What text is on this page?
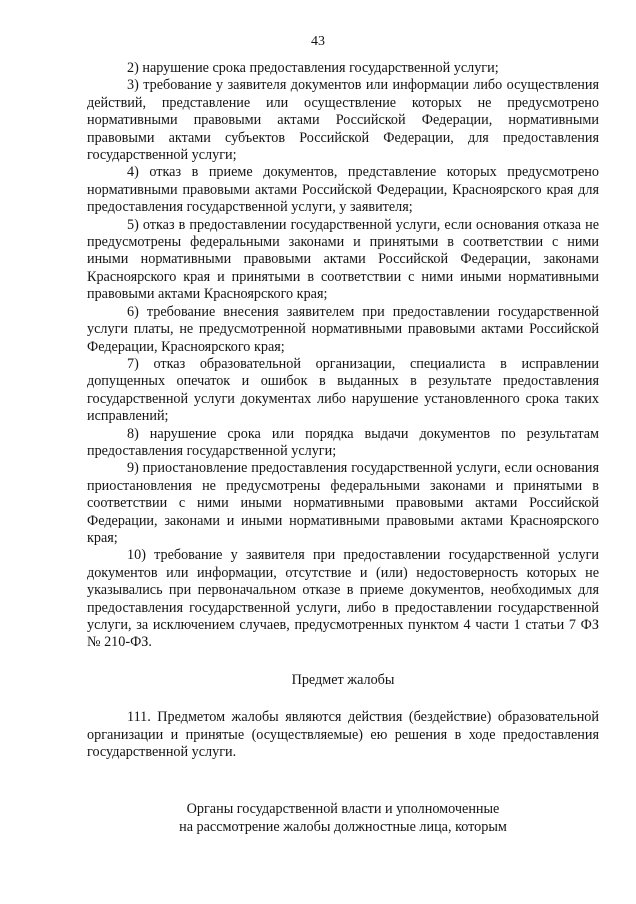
43

2) нарушение срока предоставления государственной услуги;

3) требование у заявителя документов или информации либо осуществления действий, представление или осуществление которых не предусмотрено нормативными правовыми актами Российской Федерации, нормативными правовыми актами субъектов Российской Федерации, для предоставления государственной услуги;

4) отказ в приеме документов, представление которых предусмотрено нормативными правовыми актами Российской Федерации, Красноярского края для предоставления государственной услуги, у заявителя;

5) отказ в предоставлении государственной услуги, если основания отказа не предусмотрены федеральными законами и принятыми в соответствии с ними иными нормативными правовыми актами Российской Федерации, законами Красноярского края и принятыми в соответствии с ними иными нормативными правовыми актами Красноярского края;

6) требование внесения заявителем при предоставлении государственной услуги платы, не предусмотренной нормативными правовыми актами Российской Федерации, Красноярского края;

7) отказ образовательной организации, специалиста в исправлении допущенных опечаток и ошибок в выданных в результате предоставления государственной услуги документах либо нарушение установленного срока таких исправлений;

8) нарушение срока или порядка выдачи документов по результатам предоставления государственной услуги;

9) приостановление предоставления государственной услуги, если основания приостановления не предусмотрены федеральными законами и принятыми в соответствии с ними иными нормативными правовыми актами Российской Федерации, законами и иными нормативными правовыми актами Красноярского края;

10) требование у заявителя при предоставлении государственной услуги документов или информации, отсутствие и (или) недостоверность которых не указывались при первоначальном отказе в приеме документов, необходимых для предоставления государственной услуги, либо в предоставлении государственной услуги, за исключением случаев, предусмотренных пунктом 4 части 1 статьи 7 ФЗ № 210-ФЗ.

Предмет жалобы

111. Предметом жалобы являются действия (бездействие) образовательной организации и принятые (осуществляемые) ею решения в ходе предоставления государственной услуги.

Органы государственной власти и уполномоченные

на рассмотрение жалобы должностные лица, которым
